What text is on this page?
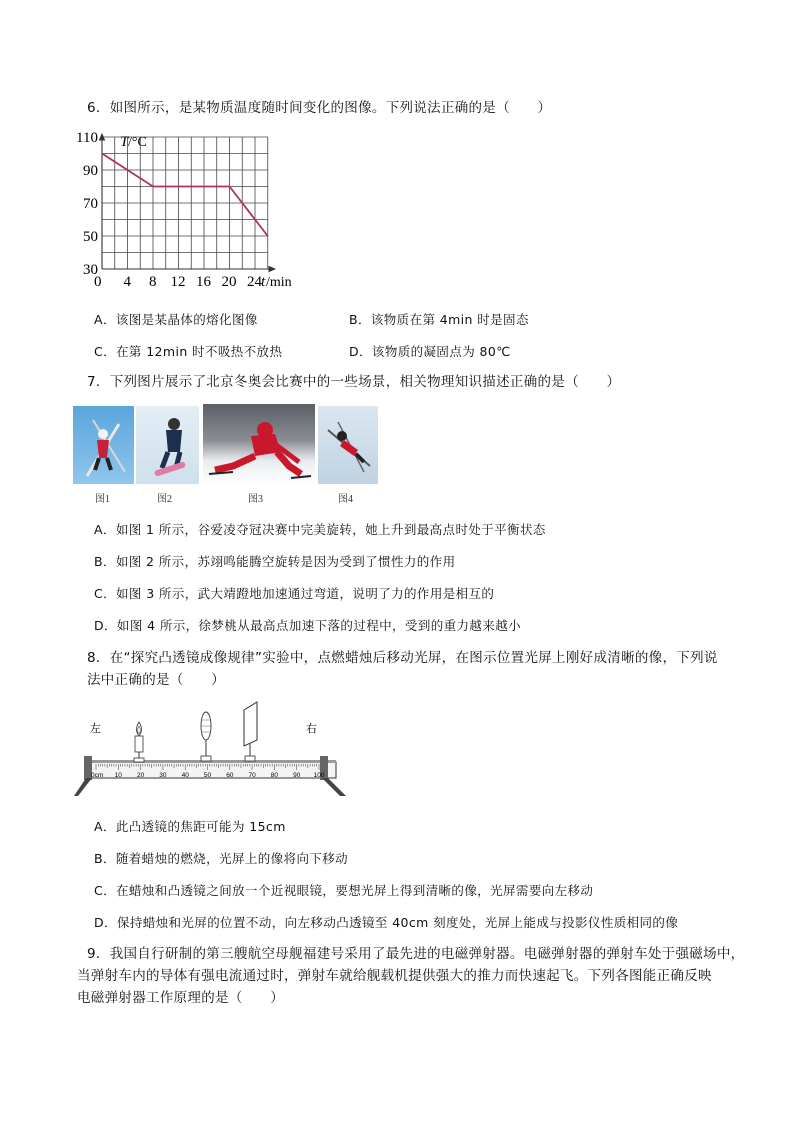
6．如图所示，是某物质温度随时间变化的图像。下列说法正确的是（　　）
0 4 8 12 16 20 24
110
90
70
50
30
T /°C
t /min
A．该图是某晶体的熔化图像	B．该物质在第 4min 时是固态
C．在第 12min 时不吸热不放热	D．该物质的凝固点为 80℃
7．下列图片展示了北京冬奥会比赛中的一些场景，相关物理知识描述正确的是（　　）
图1	图2	图3	图4
A．如图 1 所示，谷爱凌夺冠决赛中完美旋转，她上升到最高点时处于平衡状态
B．如图 2 所示，苏翊鸣能腾空旋转是因为受到了惯性力的作用
C．如图 3 所示，武大靖蹬地加速通过弯道，说明了力的作用是相互的
D．如图 4 所示，徐梦桃从最高点加速下落的过程中，受到的重力越来越小
8．在“探究凸透镜成像规律”实验中，点燃蜡烛后移动光屏，在图示位置光屏上刚好成清晰的像，下列说
法中正确的是（　　）
左	右
0cm 10 20 30 40 50 60 70 80 90 100
A．此凸透镜的焦距可能为 15cm
B．随着蜡烛的燃烧，光屏上的像将向下移动
C．在蜡烛和凸透镜之间放一个近视眼镜，要想光屏上得到清晰的像，光屏需要向左移动
D．保持蜡烛和光屏的位置不动，向左移动凸透镜至 40cm 刻度处，光屏上能成与投影仪性质相同的像
9．我国自行研制的第三艘航空母舰福建号采用了最先进的电磁弹射器。电磁弹射器的弹射车处于强磁场中，
当弹射车内的导体有强电流通过时，弹射车就给舰载机提供强大的推力而快速起飞。下列各图能正确反映
电磁弹射器工作原理的是（　　）
